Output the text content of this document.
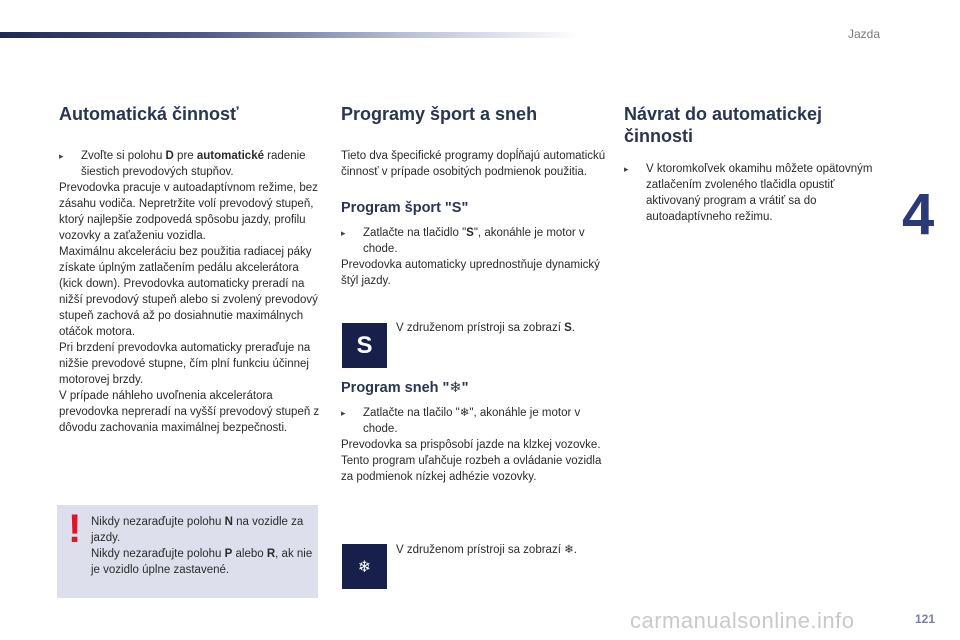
Jazda
4
121
Automatická činnosť
▸ Zvoľte si polohu D pre automatické radenie šiestich prevodových stupňov.

Prevodovka pracuje v autoadaptívnom režime, bez zásahu vodiča. Nepretržite volí prevodový stupeň, ktorý najlepšie zodpovedá spôsobu jazdy, profilu vozovky a zaťaženiu vozidla.
Maximálnu akceleráciu bez použitia radiacej páky získate úplným zatlačením pedálu akcelerátora (kick down). Prevodovka automaticky preradí na nižší prevodový stupeň alebo si zvolený prevodový stupeň zachová až po dosiahnutie maximálnych otáčok motora.
Pri brzdení prevodovka automaticky preraďuje na nižšie prevodové stupne, čím plní funkciu účinnej motorovej brzdy.
V prípade náhleho uvoľnenia akcelerátora prevodovka nepreradí na vyšší prevodový stupeň z dôvodu zachovania maximálnej bezpečnosti.

! Nikdy nezaraďujte polohu N na vozidle za jazdy.
Nikdy nezaraďujte polohu P alebo R, ak nie je vozidlo úplne zastavené.
Programy šport a sneh

Tieto dva špecifické programy dopĺňajú automatickú činnosť v prípade osobitých podmienok použitia.

Program šport "S"
▸ Zatlačte na tlačidlo "S", akonáhle je motor v chode.

Prevodovka automaticky uprednostňuje dynamický štýl jazdy.

Program sneh "❄"
▸ Zatlačte na tlačilo "❄", akonáhle je motor v chode.

Prevodovka sa prispôsobí jazde na klzkej vozovke.
Tento program uľahčuje rozbeh a ovládanie vozidla za podmienok nízkej adhézie vozovky.

S
V združenom prístroji sa zobrazí S.
❄
V združenom prístroji sa zobrazí ❄.
Návrat do automatickej činnosti
▸ V ktoromkoľvek okamihu môžete opätovným zatlačením zvoleného tlačidla opustiť aktivovaný program a vrátiť sa do autoadaptívneho režimu.
carmanualsonline.info
